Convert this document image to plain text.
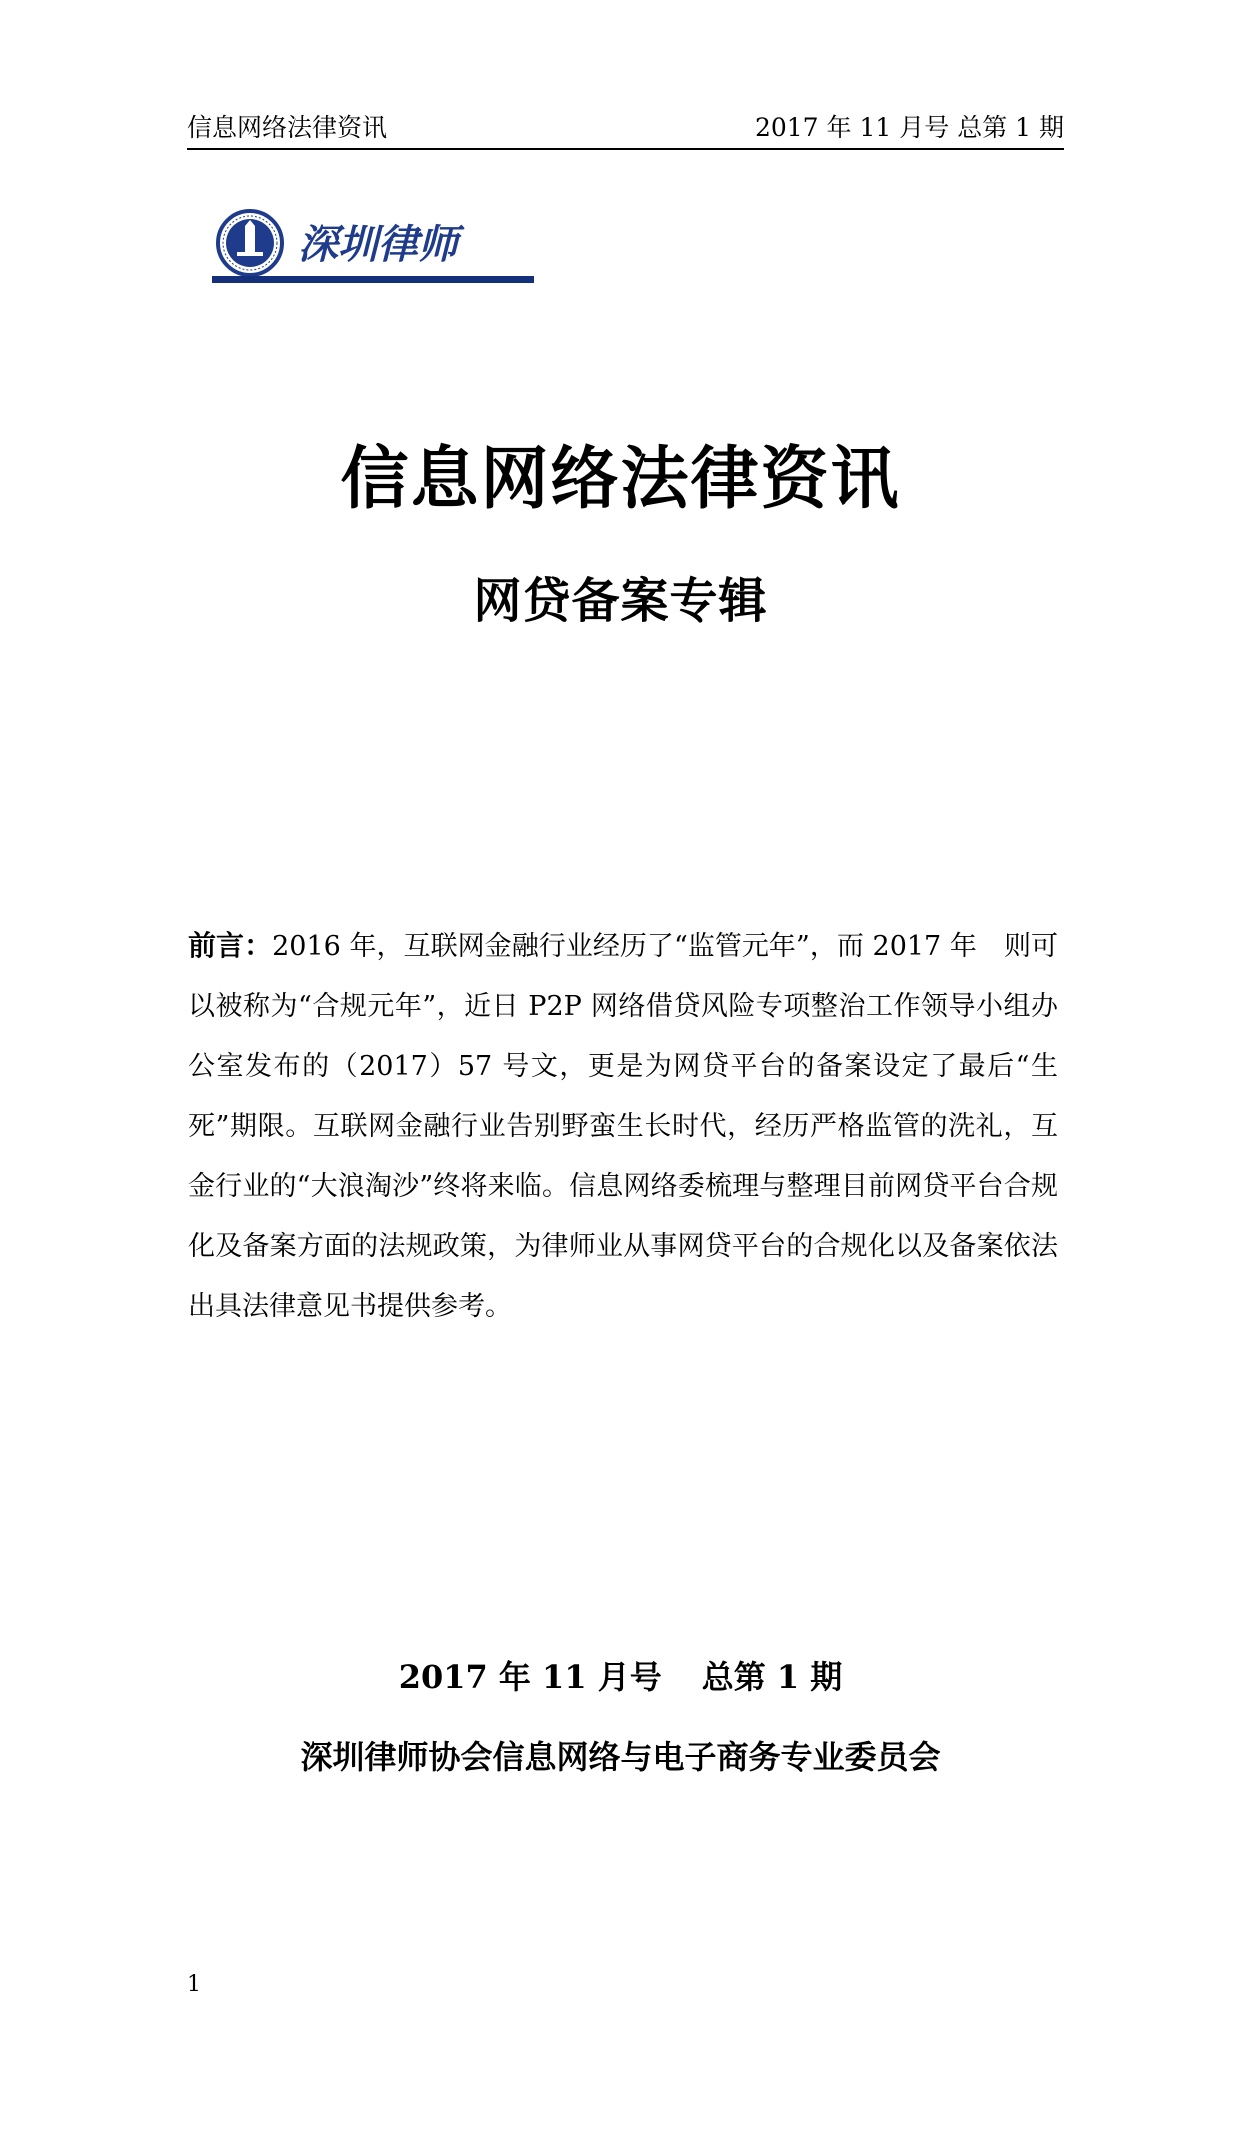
信息网络法律资讯	2017 年 11 月号 总第 1 期
深圳律师
信息网络法律资讯
网贷备案专辑
前言：2016 年，互联网金融行业经历了“监管元年”，而 2017 年　则可以被称为“合规元年”，近日 P2P 网络借贷风险专项整治工作领导小组办公室发布的（2017）57 号文，更是为网贷平台的备案设定了最后“生死”期限。互联网金融行业告别野蛮生长时代，经历严格监管的洗礼，互金行业的“大浪淘沙”终将来临。信息网络委梳理与整理目前网贷平台合规化及备案方面的法规政策，为律师业从事网贷平台的合规化以及备案依法出具法律意见书提供参考。
2017 年 11 月号 总第 1 期
深圳律师协会信息网络与电子商务专业委员会
1
